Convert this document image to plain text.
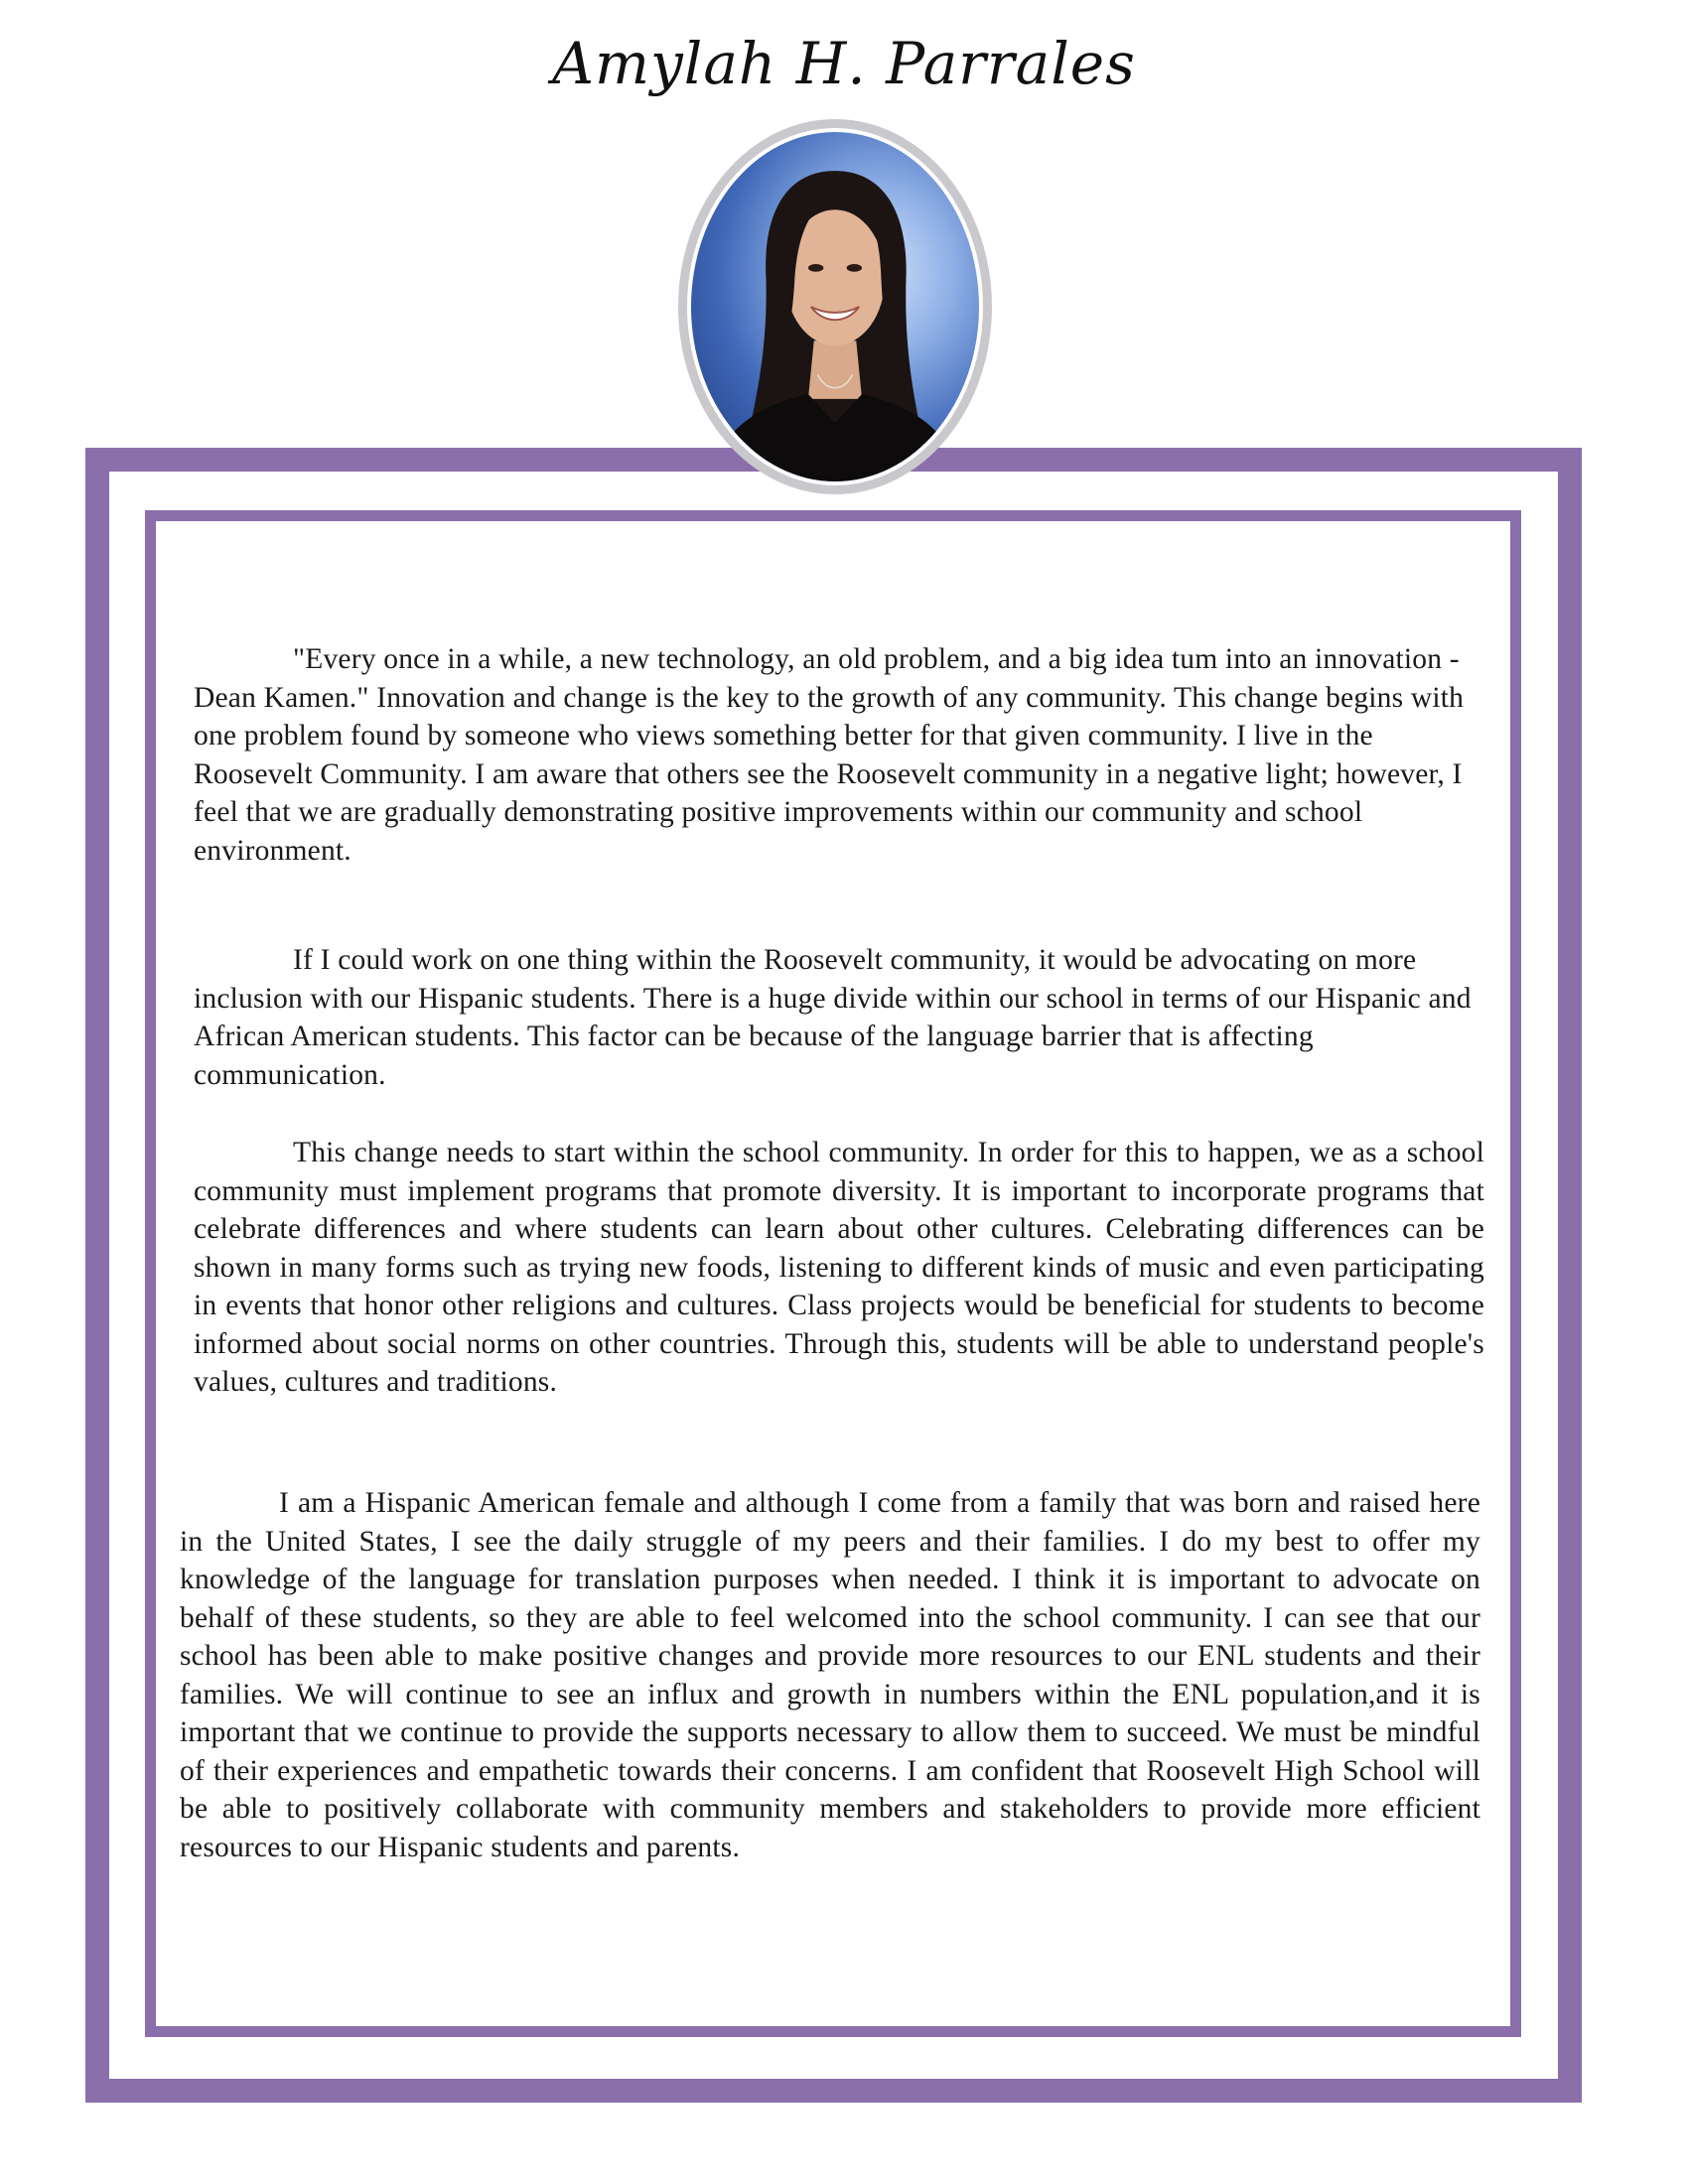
Amylah H. Parrales

"Every once in a while, a new technology, an old problem, and a big idea tum into an innovation - Dean Kamen." Innovation and change is the key to the growth of any community. This change begins with one problem found by someone who views something better for that given community. I live in the Roosevelt Community. I am aware that others see the Roosevelt community in a negative light; however, I feel that we are gradually demonstrating positive improvements within our community and school environment.

If I could work on one thing within the Roosevelt community, it would be advocating on more inclusion with our Hispanic students. There is a huge divide within our school in terms of our Hispanic and African American students. This factor can be because of the language barrier that is affecting communication.

This change needs to start within the school community. In order for this to happen, we as a school community must implement programs that promote diversity. It is important to incorporate programs that celebrate differences and where students can learn about other cultures. Celebrating differences can be shown in many forms such as trying new foods, listening to different kinds of music and even participating in events that honor other religions and cultures. Class projects would be beneficial for students to become informed about social norms on other countries. Through this, students will be able to understand people's values, cultures and traditions.

I am a Hispanic American female and although I come from a family that was born and raised here in the United States, I see the daily struggle of my peers and their families. I do my best to offer my knowledge of the language for translation purposes when needed. I think it is important to advocate on behalf of these students, so they are able to feel welcomed into the school community. I can see that our school has been able to make positive changes and provide more resources to our ENL students and their families. We will continue to see an influx and growth in numbers within the ENL population,and it is important that we continue to provide the supports necessary to allow them to succeed. We must be mindful of their experiences and empathetic towards their concerns. I am confident that Roosevelt High School will be able to positively collaborate with community members and stakeholders to provide more efficient resources to our Hispanic students and parents.
